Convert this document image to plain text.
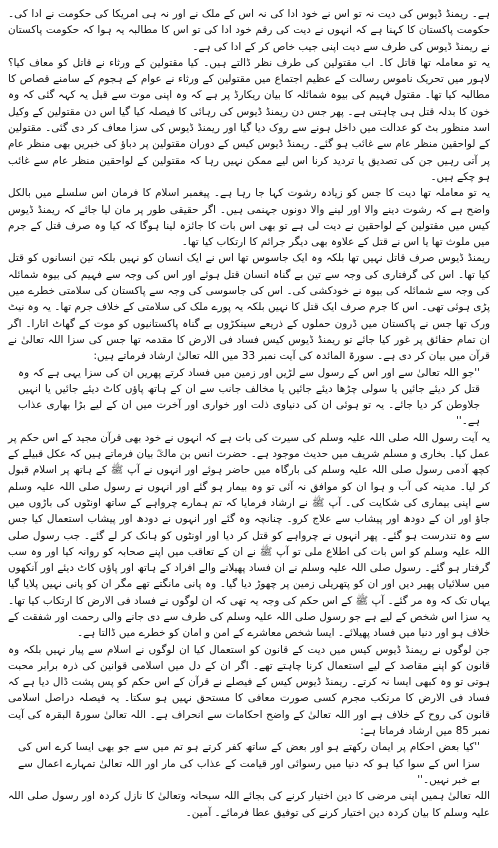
ہے۔ ریمنڈ ڈیوس کی دیت نہ تو اس نے خود ادا کی نہ اس کے ملک نے اور نہ ہی امریکا کی حکومت نے ادا کی۔ حکومت پاکستان کا کہنا ہے کہ انہوں نے دیت کی رقم خود ادا کی تو اس کا مطالبہ یہ ہوا کہ حکومت پاکستان نے ریمنڈ ڈیوس کی طرف سے دیت اپنی جیب خاص کر کے ادا کی ہے۔

یہ تو معاملہ تھا قاتل کا۔ اب مقتولین کی طرف نظر ڈالتے ہیں۔ کیا مقتولین کے ورثاء نے قاتل کو معاف کیا؟ لاہور میں تحریک ناموس رسالت کے عظیم اجتماع میں مقتولین کے ورثاء نے عوام کے ہجوم کے سامنے قصاص کا مطالبہ کیا تھا۔ مقتول فہیم کی بیوہ شمائلہ کا بیان ریکارڈ پر ہے کہ وہ اپنی موت سے قبل یہ کہہ گئی کہ وہ خون کا بدلہ قتل ہی چاہتی ہے۔ پھر جس دن ریمنڈ ڈیوس کی رہائی کا فیصلہ کیا گیا اس دن مقتولین کے وکیل اسد منظور بٹ کو عدالت میں داخل ہونے سے روک دیا گیا اور ریمنڈ ڈیوس کی سزا معاف کر دی گئی۔ مقتولین کے لواحقین منظر عام سے غائب ہو گئے۔ ریمنڈ ڈیوس کیس کے دوران مقتولین پر دباؤ کی خبریں بھی منظر عام پر آتی رہیں جن کی تصدیق یا تردید کرنا اس لیے ممکن نہیں رہا کہ مقتولین کے لواحقین منظر عام سے غائب ہو چکے ہیں۔

یہ تو معاملہ تھا دیت کا جس کو زیادہ رشوت کہا جا رہا ہے۔ پیغمبر اسلام کا فرمان اس سلسلے میں بالکل واضح ہے کہ رشوت دینے والا اور لینے والا دونوں جہنمی ہیں۔ اگر حقیقی طور پر مان لیا جائے کہ ریمنڈ ڈیوس کیس میں مقتولین کے لواحقین نے دیت لی ہے تو بھی اس بات کا جائزہ لینا ہوگا کہ کیا وہ صرف قتل کے جرم میں ملوث تھا یا اس نے قتل کے علاوہ بھی دیگر جرائم کا ارتکاب کیا تھا۔

ریمنڈ ڈیوس صرف قاتل نہیں تھا بلکہ وہ ایک جاسوس تھا اس نے ایک انسان کو نہیں بلکہ تین انسانوں کو قتل کیا تھا۔ اس کی گرفتاری کی وجہ سے تین بے گناہ انسان قتل ہوئے اور اس کی وجہ سے فہیم کی بیوہ شمائلہ کی وجہ سے شمائلہ کی بیوہ نے خودکشی کی۔ اس کی جاسوسی کی وجہ سے پاکستان کی سلامتی خطرے میں پڑی ہوئی تھی۔ اس کا جرم صرف ایک قتل کا نہیں بلکہ یہ پورے ملک کی سلامتی کے خلاف جرم تھا۔ یہ وہ نیٹ ورک تھا جس نے پاکستان میں ڈرون حملوں کے ذریعے سینکڑوں بے گناہ پاکستانیوں کو موت کے گھاٹ اتارا۔ اگر ان تمام حقائق پر غور کیا جائے تو ریمنڈ ڈیوس کیس فساد فی الارض کا مقدمہ تھا جس کی سزا اللہ تعالیٰ نے قرآن میں بیان کر دی ہے۔ سورۃ المائدہ کی آیت نمبر 33 میں اللہ تعالیٰ ارشاد فرماتے ہیں:

''جو اللہ تعالیٰ سے اور اس کے رسول سے لڑیں اور زمین میں فساد کرتے پھریں ان کی سزا یہی ہے کہ وہ قتل کر دیئے جائیں یا سولی چڑھا دیئے جائیں یا مخالف جانب سے ان کے ہاتھ پاؤں کاٹ دیئے جائیں یا انہیں جلاوطن کر دیا جائے۔ یہ تو ہوئی ان کی دنیاوی ذلت اور خواری اور آخرت میں ان کے لیے بڑا بھاری عذاب ہے۔''

یہ آیت رسول اللہ صلی اللہ علیہ وسلم کی سیرت کی بات ہے کہ انہوں نے خود بھی قرآن مجید کے اس حکم پر عمل کیا۔ بخاری و مسلم شریف میں حدیث موجود ہے۔ حضرت انس بن مالکؓ بیان فرماتے ہیں کہ عکل قبیلے کے کچھ آدمی رسول صلی اللہ علیہ وسلم کی بارگاہ میں حاضر ہوئے اور انہوں نے آپ ﷺ کے ہاتھ پر اسلام قبول کر لیا۔ مدینہ کی آب و ہوا ان کو موافق نہ آئی تو وہ بیمار ہو گئے اور انہوں نے رسول صلی اللہ علیہ وسلم سے اپنی بیماری کی شکایت کی۔ آپ ﷺ نے ارشاد فرمایا کہ تم ہمارے چرواہے کے ساتھ اونٹوں کی باڑوں میں جاؤ اور ان کے دودھ اور پیشاب سے علاج کرو۔ چنانچہ وہ گئے اور انہوں نے دودھ اور پیشاب استعمال کیا جس سے وہ تندرست ہو گئے۔ پھر انہوں نے چرواہے کو قتل کر دیا اور اونٹوں کو ہانک کر لے گئے۔ جب رسول صلی اللہ علیہ وسلم کو اس بات کی اطلاع ملی تو آپ ﷺ نے ان کے تعاقب میں اپنے صحابہ کو روانہ کیا اور وہ سب گرفتار ہو گئے۔ رسول صلی اللہ علیہ وسلم نے ان فساد پھیلانے والے افراد کے ہاتھ اور پاؤں کاٹ دیئے اور آنکھوں میں سلائیاں پھیر دیں اور ان کو پتھریلی زمین پر چھوڑ دیا گیا۔ وہ پانی مانگتے تھے مگر ان کو پانی نہیں پلایا گیا یہاں تک کہ وہ مر گئے۔ آپ ﷺ کے اس حکم کی وجہ یہ تھی کہ ان لوگوں نے فساد فی الارض کا ارتکاب کیا تھا۔ یہ سزا اس شخص کے لیے ہے جو رسول صلی اللہ علیہ وسلم کی طرف سے دی جانے والی رحمت اور شفقت کے خلاف ہو اور دنیا میں فساد پھیلائے۔ ایسا شخص معاشرے کے امن و امان کو خطرے میں ڈالتا ہے۔

جن لوگوں نے ریمنڈ ڈیوس کیس میں دیت کے قانون کو استعمال کیا ان لوگوں نے اسلام سے پیار نہیں بلکہ وہ قانون کو اپنے مقاصد کے لیے استعمال کرنا چاہتے تھے۔ اگر ان کے دل میں اسلامی قوانین کی ذرہ برابر محبت ہوتی تو وہ کبھی ایسا نہ کرتے۔ ریمنڈ ڈیوس کیس کے فیصلے نے قرآن کے اس حکم کو پس پشت ڈال دیا ہے کہ فساد فی الارض کا مرتکب مجرم کسی صورت معافی کا مستحق نہیں ہو سکتا۔ یہ فیصلہ دراصل اسلامی قانون کی روح کے خلاف ہے اور اللہ تعالیٰ کے واضح احکامات سے انحراف ہے۔ اللہ تعالیٰ سورۃ البقرہ کی آیت نمبر 85 میں ارشاد فرماتا ہے:

''کیا بعض احکام پر ایمان رکھتے ہو اور بعض کے ساتھ کفر کرتے ہو تم میں سے جو بھی ایسا کرے اس کی سزا اس کے سوا کیا ہو کہ دنیا میں رسوائی اور قیامت کے عذاب کی مار اور اللہ تعالیٰ تمہارے اعمال سے بے خبر نہیں۔''

اللہ تعالیٰ ہمیں اپنی مرضی کا دین اختیار کرنے کی بجائے اللہ سبحانہ وتعالیٰ کا نازل کردہ اور رسول صلی اللہ علیہ وسلم کا بیان کردہ دین اختیار کرنے کی توفیق عطا فرمائے۔ آمین۔
